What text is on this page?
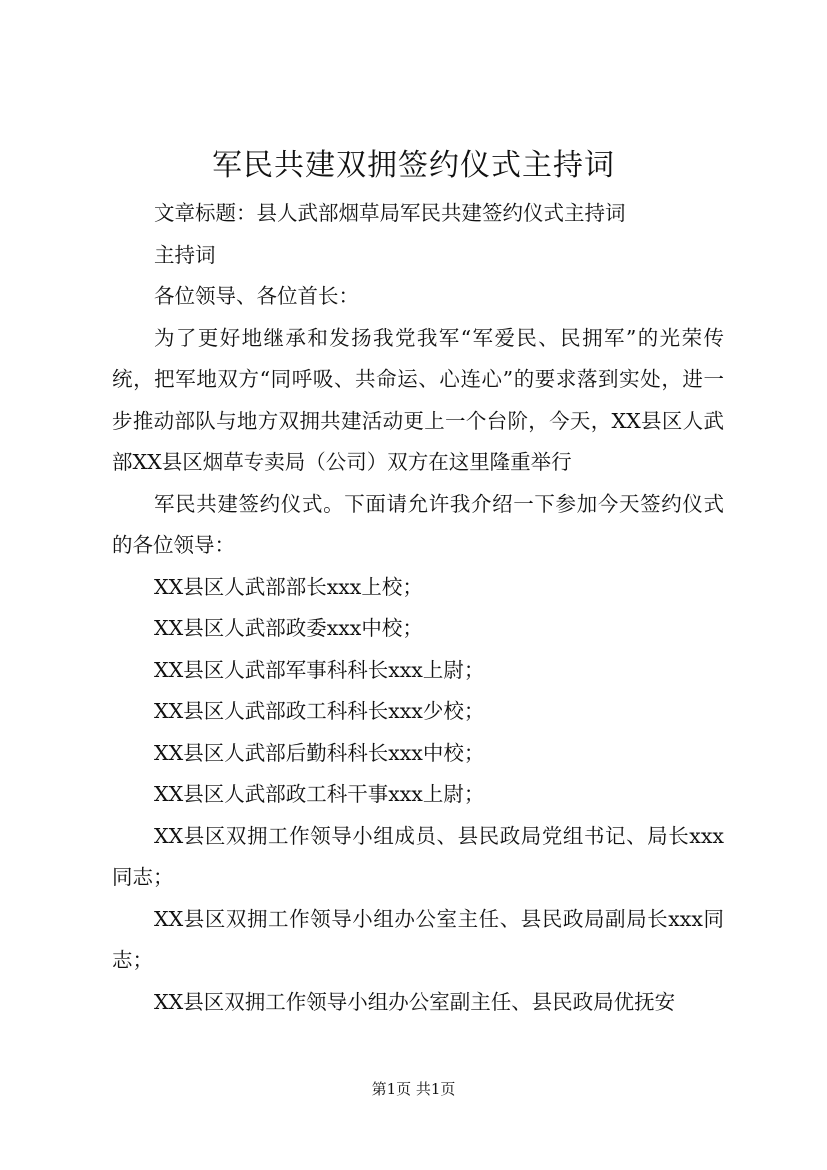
军民共建双拥签约仪式主持词

文章标题：县人武部烟草局军民共建签约仪式主持词

主持词

各位领导、各位首长：

为了更好地继承和发扬我党我军“军爱民、民拥军”的光荣传统，把军地双方“同呼吸、共命运、心连心”的要求落到实处，进一步推动部队与地方双拥共建活动更上一个台阶，今天，XX县区人武部XX县区烟草专卖局（公司）双方在这里隆重举行

军民共建签约仪式。下面请允许我介绍一下参加今天签约仪式的各位领导：

XX县区人武部部长xxx上校；

XX县区人武部政委xxx中校；

XX县区人武部军事科科长xxx上尉；

XX县区人武部政工科科长xxx少校；

XX县区人武部后勤科科长xxx中校；

XX县区人武部政工科干事xxx上尉；

XX县区双拥工作领导小组成员、县民政局党组书记、局长xxx同志；

XX县区双拥工作领导小组办公室主任、县民政局副局长xxx同志；

XX县区双拥工作领导小组办公室副主任、县民政局优抚安

第1页 共1页
